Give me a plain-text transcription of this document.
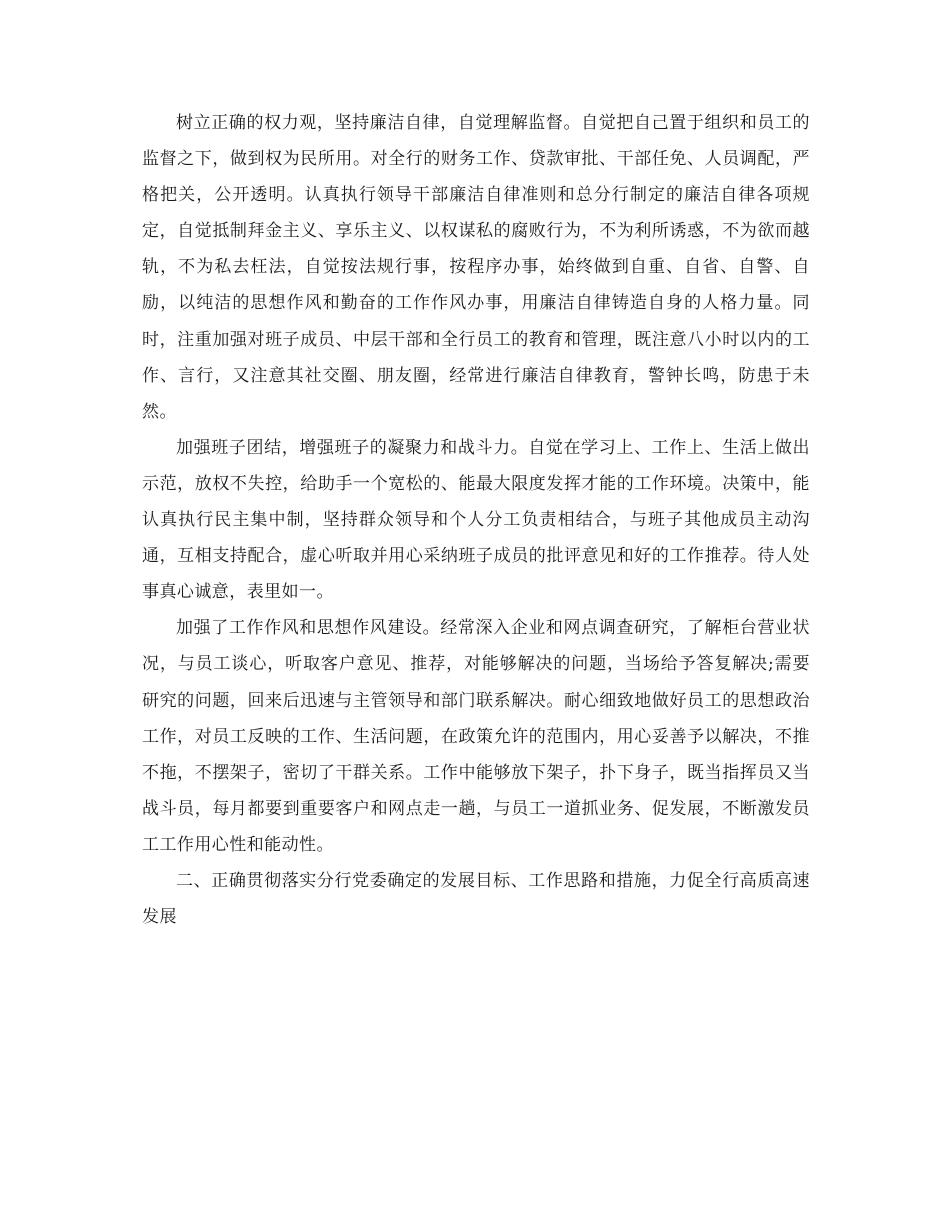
树立正确的权力观，坚持廉洁自律，自觉理解监督。自觉把自己置于组织和员工的监督之下，做到权为民所用。对全行的财务工作、贷款审批、干部任免、人员调配，严格把关，公开透明。认真执行领导干部廉洁自律准则和总分行制定的廉洁自律各项规定，自觉抵制拜金主义、享乐主义、以权谋私的腐败行为，不为利所诱惑，不为欲而越轨，不为私去枉法，自觉按法规行事，按程序办事，始终做到自重、自省、自警、自励，以纯洁的思想作风和勤奋的工作作风办事，用廉洁自律铸造自身的人格力量。同时，注重加强对班子成员、中层干部和全行员工的教育和管理，既注意八小时以内的工作、言行，又注意其社交圈、朋友圈，经常进行廉洁自律教育，警钟长鸣，防患于未然。

加强班子团结，增强班子的凝聚力和战斗力。自觉在学习上、工作上、生活上做出示范，放权不失控，给助手一个宽松的、能最大限度发挥才能的工作环境。决策中，能认真执行民主集中制，坚持群众领导和个人分工负责相结合，与班子其他成员主动沟通，互相支持配合，虚心听取并用心采纳班子成员的批评意见和好的工作推荐。待人处事真心诚意，表里如一。

加强了工作作风和思想作风建设。经常深入企业和网点调查研究，了解柜台营业状况，与员工谈心，听取客户意见、推荐，对能够解决的问题，当场给予答复解决;需要研究的问题，回来后迅速与主管领导和部门联系解决。耐心细致地做好员工的思想政治工作，对员工反映的工作、生活问题，在政策允许的范围内，用心妥善予以解决，不推不拖，不摆架子，密切了干群关系。工作中能够放下架子，扑下身子，既当指挥员又当战斗员，每月都要到重要客户和网点走一趟，与员工一道抓业务、促发展，不断激发员工工作用心性和能动性。

二、正确贯彻落实分行党委确定的发展目标、工作思路和措施，力促全行高质高速发展
